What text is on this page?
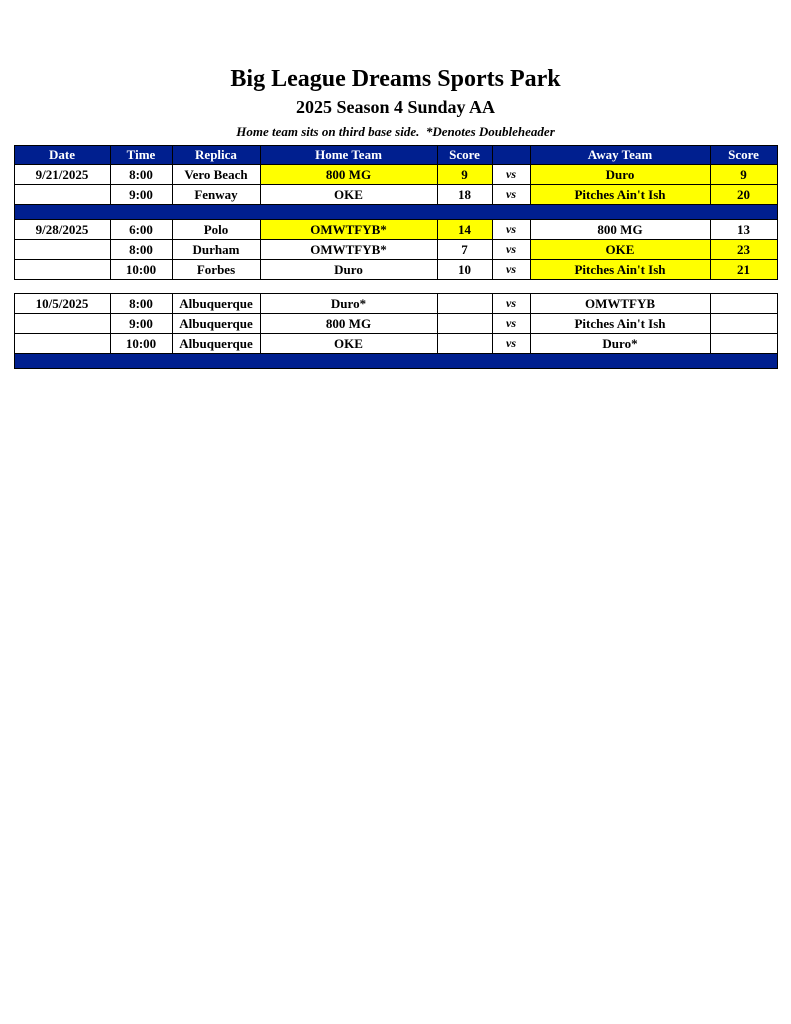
Big League Dreams Sports Park
2025 Season 4 Sunday AA
Home team sits on third base side.  *Denotes Doubleheader
Date	Time	Replica	Home Team	Score		Away Team	Score
9/21/2025	8:00	Vero Beach	800 MG	9	vs	Duro	9
	9:00	Fenway	OKE	18	vs	Pitches Ain't Ish	20

9/28/2025	6:00	Polo	OMWTFYB*	14	vs	800 MG	13
	8:00	Durham	OMWTFYB*	7	vs	OKE	23
	10:00	Forbes	Duro	10	vs	Pitches Ain't Ish	21

10/5/2025	8:00	Albuquerque	Duro*		vs	OMWTFYB	
	9:00	Albuquerque	800 MG		vs	Pitches Ain't Ish	
	10:00	Albuquerque	OKE		vs	Duro*	
